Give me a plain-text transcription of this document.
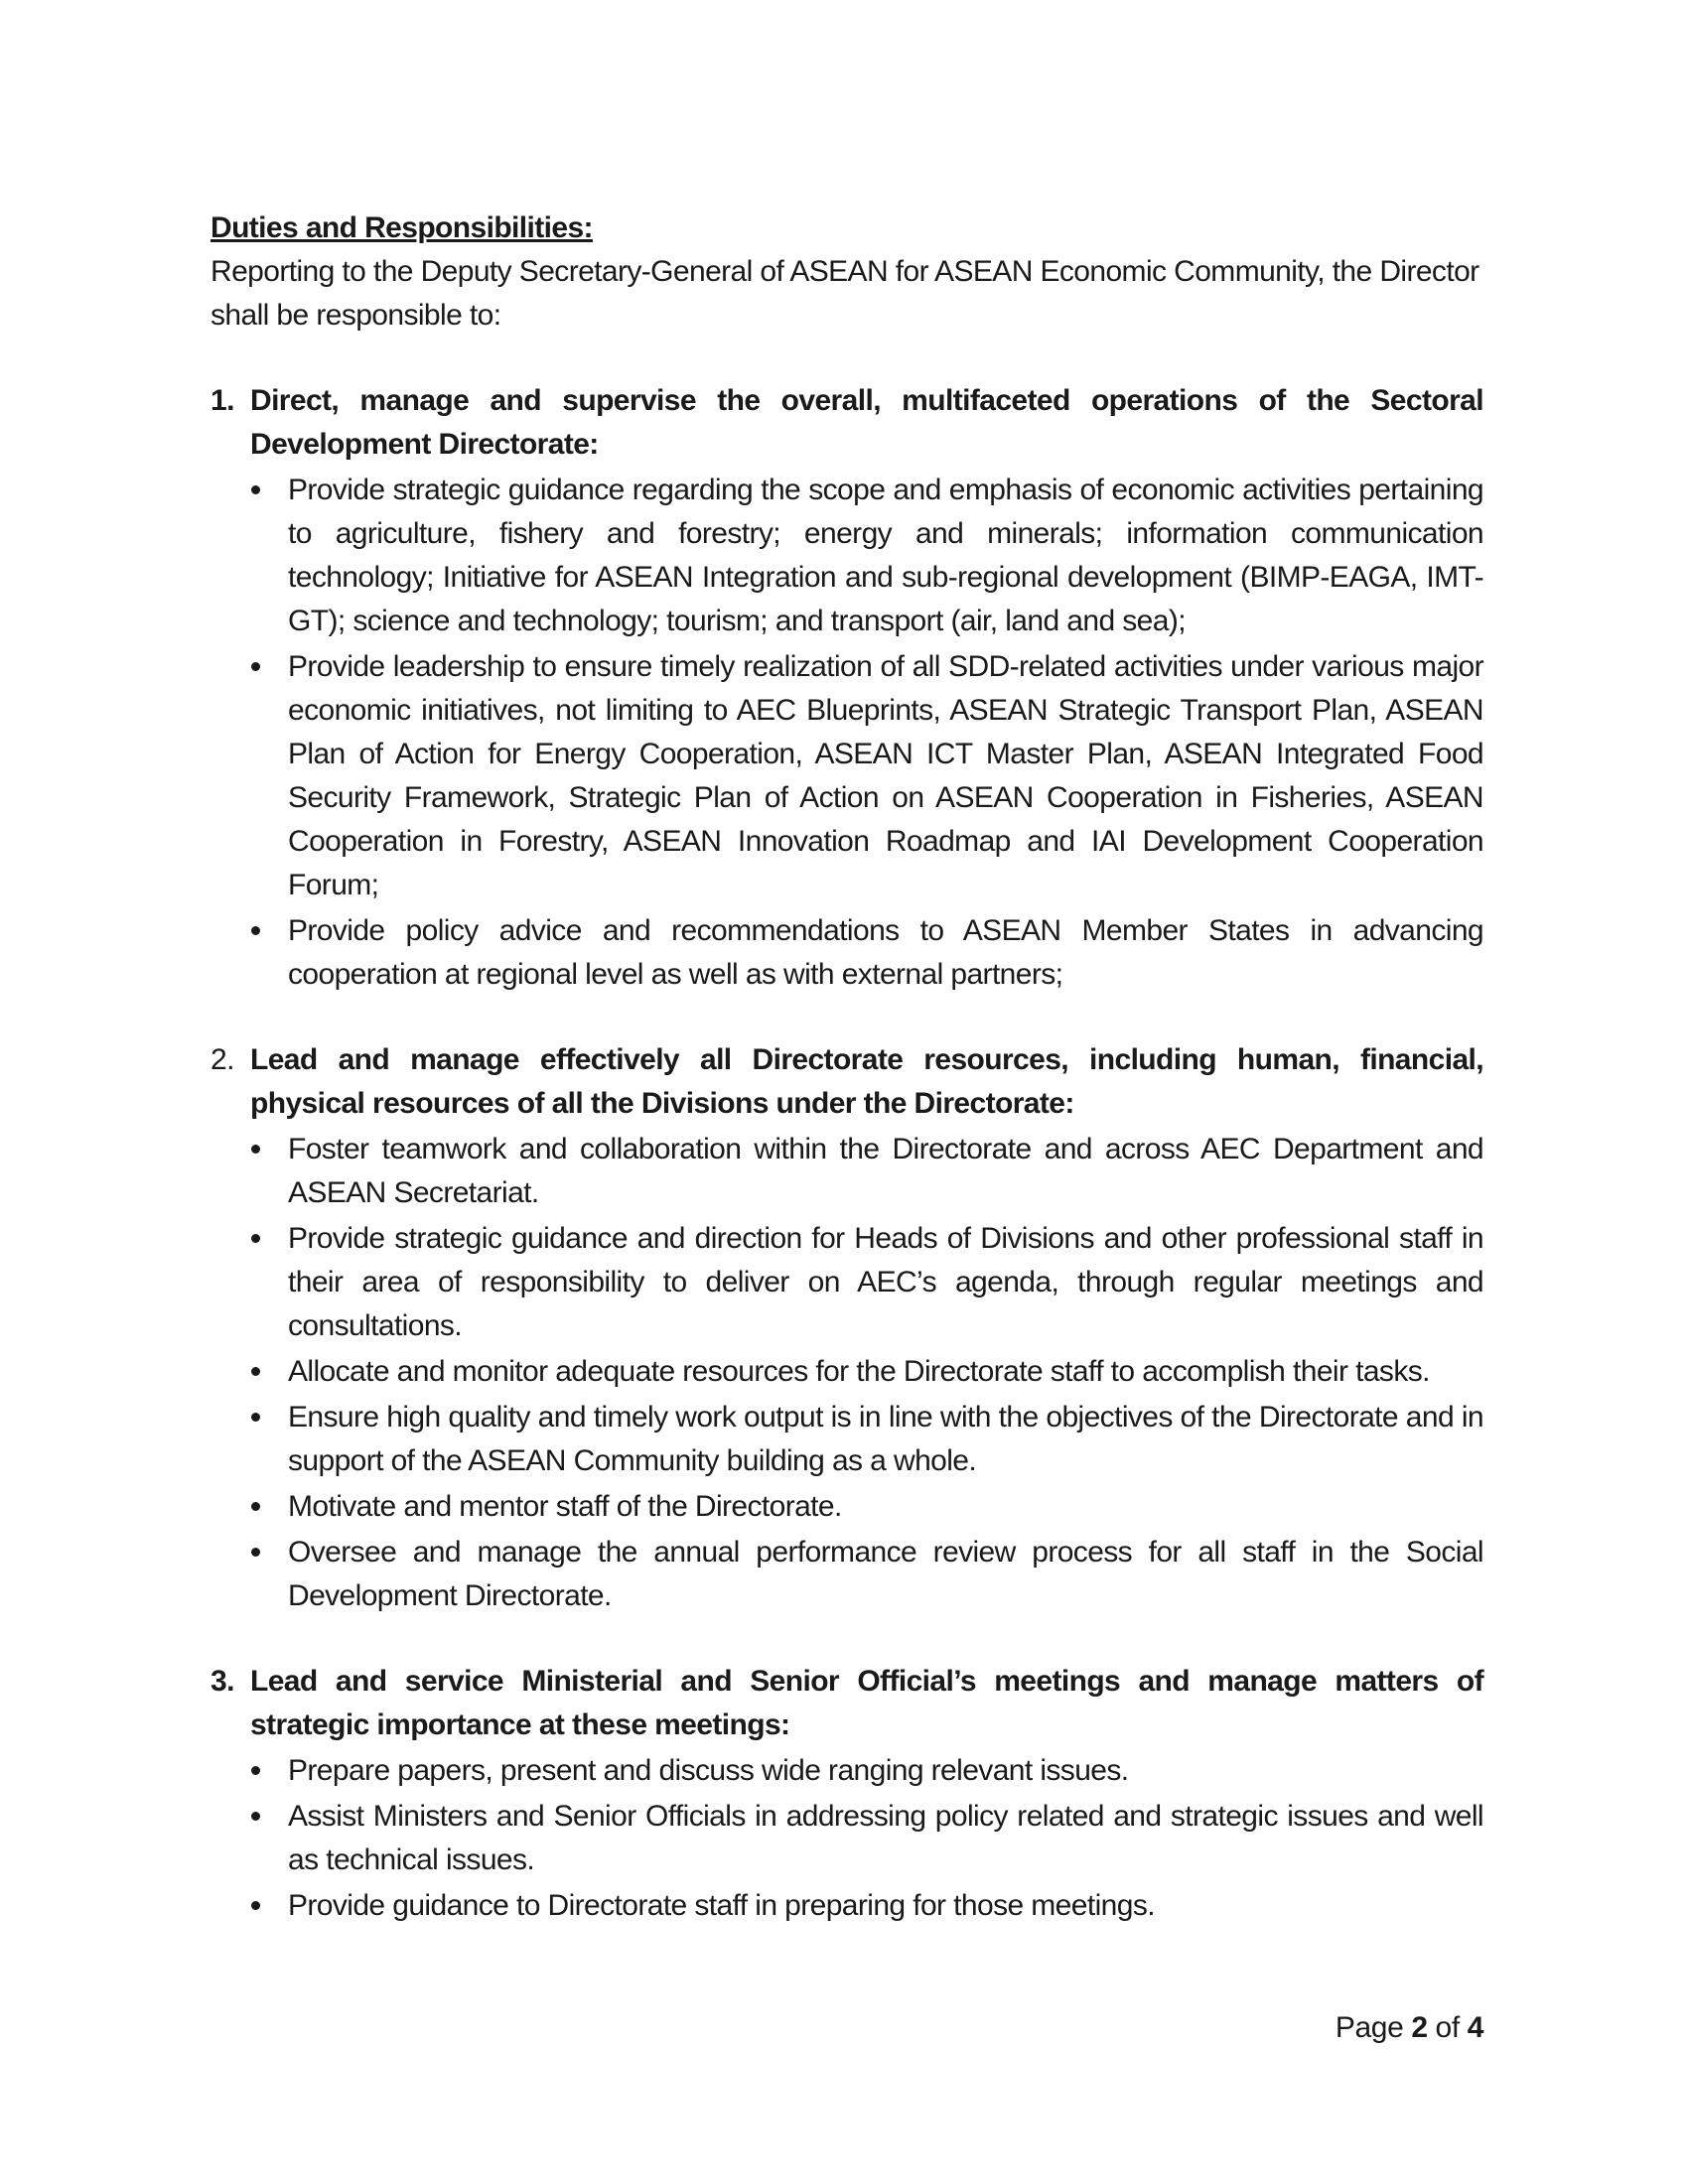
Duties and Responsibilities:

Reporting to the Deputy Secretary-General of ASEAN for ASEAN Economic Community, the Director shall be responsible to:

1. Direct, manage and supervise the overall, multifaceted operations of the Sectoral Development Directorate:

Provide strategic guidance regarding the scope and emphasis of economic activities pertaining to agriculture, fishery and forestry; energy and minerals; information communication technology; Initiative for ASEAN Integration and sub-regional development (BIMP-EAGA, IMT-GT); science and technology; tourism; and transport (air, land and sea);
Provide leadership to ensure timely realization of all SDD-related activities under various major economic initiatives, not limiting to AEC Blueprints, ASEAN Strategic Transport Plan, ASEAN Plan of Action for Energy Cooperation, ASEAN ICT Master Plan, ASEAN Integrated Food Security Framework, Strategic Plan of Action on ASEAN Cooperation in Fisheries, ASEAN Cooperation in Forestry, ASEAN Innovation Roadmap and IAI Development Cooperation Forum;
Provide policy advice and recommendations to ASEAN Member States in advancing cooperation at regional level as well as with external partners;

2. Lead and manage effectively all Directorate resources, including human, financial, physical resources of all the Divisions under the Directorate:

Foster teamwork and collaboration within the Directorate and across AEC Department and ASEAN Secretariat.
Provide strategic guidance and direction for Heads of Divisions and other professional staff in their area of responsibility to deliver on AEC’s agenda, through regular meetings and consultations.
Allocate and monitor adequate resources for the Directorate staff to accomplish their tasks.
Ensure high quality and timely work output is in line with the objectives of the Directorate and in support of the ASEAN Community building as a whole.
Motivate and mentor staff of the Directorate.
Oversee and manage the annual performance review process for all staff in the Social Development Directorate.

3. Lead and service Ministerial and Senior Official’s meetings and manage matters of strategic importance at these meetings:

Prepare papers, present and discuss wide ranging relevant issues.
Assist Ministers and Senior Officials in addressing policy related and strategic issues and well as technical issues.
Provide guidance to Directorate staff in preparing for those meetings.
Page 2 of 4
